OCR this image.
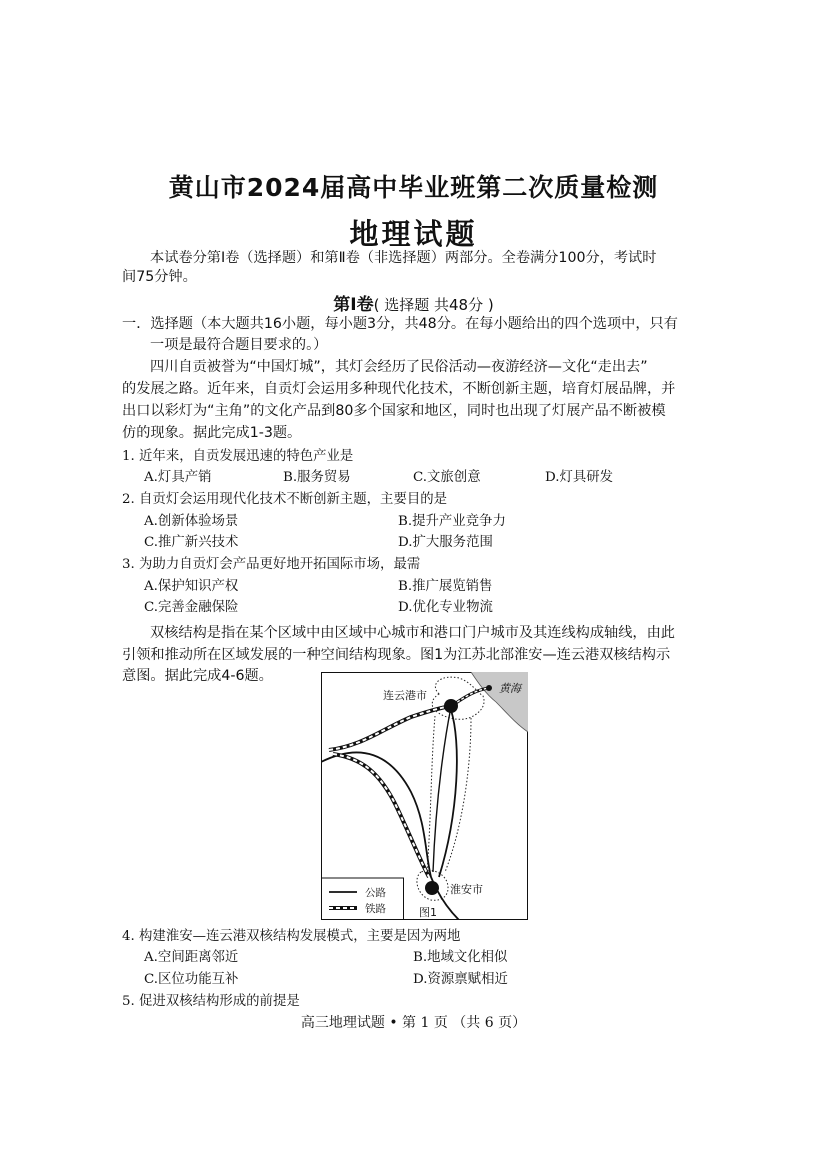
黄山市2024届高中毕业班第二次质量检测
地理试题
本试卷分第Ⅰ卷（选择题）和第Ⅱ卷（非选择题）两部分。全卷满分100分，考试时
间75分钟。
第Ⅰ卷( 选择题 共48分 )
一．选择题（本大题共16小题，每小题3分，共48分。在每小题给出的四个选项中，只有
一项是最符合题目要求的。）
四川自贡被誉为“中国灯城”，其灯会经历了民俗活动—夜游经济—文化“走出去”
的发展之路。近年来，自贡灯会运用多种现代化技术，不断创新主题，培育灯展品牌，并
出口以彩灯为“主角”的文化产品到80多个国家和地区，同时也出现了灯展产品不断被模
仿的现象。据此完成1-3题。
1. 近年来，自贡发展迅速的特色产业是
A.灯具产销	B.服务贸易	C.文旅创意	D.灯具研发
2. 自贡灯会运用现代化技术不断创新主题，主要目的是
A.创新体验场景	B.提升产业竞争力
C.推广新兴技术	D.扩大服务范围
3. 为助力自贡灯会产品更好地开拓国际市场，最需
A.保护知识产权	B.推广展览销售
C.完善金融保险	D.优化专业物流
双核结构是指在某个区域中由区域中心城市和港口门户城市及其连线构成轴线，由此
引领和推动所在区域发展的一种空间结构现象。图1为江苏北部淮安—连云港双核结构示
意图。据此完成4-6题。
连云港市
黄海
淮安市
公路
铁路	图1
4. 构建淮安—连云港双核结构发展模式，主要是因为两地
A.空间距离邻近	B.地域文化相似
C.区位功能互补	D.资源禀赋相近
5. 促进双核结构形成的前提是
高三地理试题 • 第 1 页 （共 6 页）
